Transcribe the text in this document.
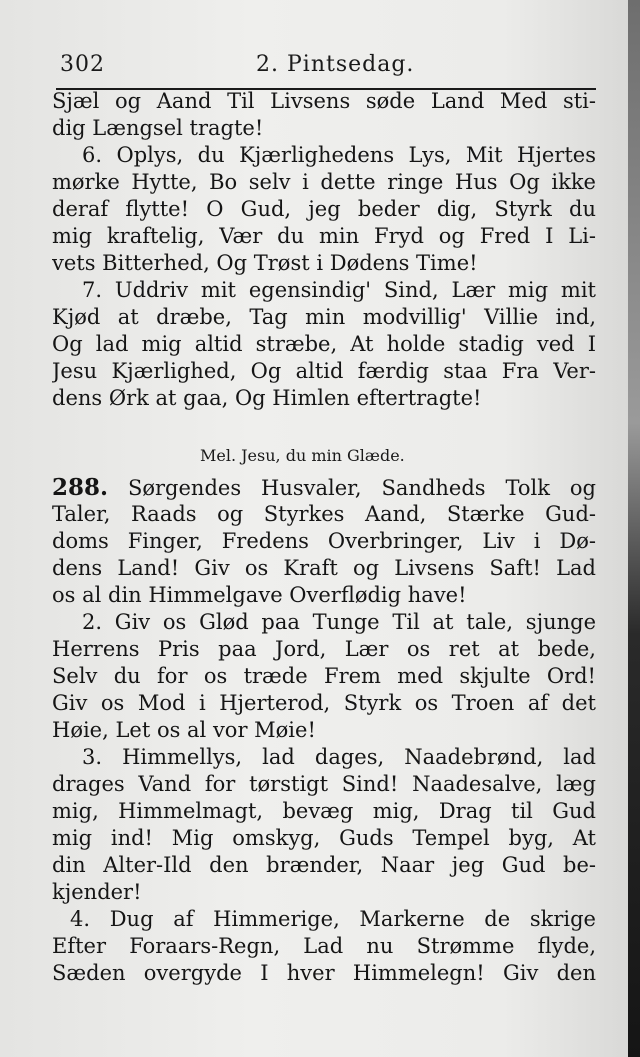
302	2. Pintsedag.
Sjæl og Aand Til Livsens søde Land Med stі-
dig Længsel tragte!
6. Oplys, du Kjærlighedens Lys, Mit Hjertes
mørke Hytte, Bo selv i dette ringe Hus Og ikke
deraf flytte! O Gud, jeg beder dig, Styrk du
mig kraftelig, Vær du min Fryd og Fred I Li-
vets Bitterhed, Og Trøst i Dødens Time!
7. Uddriv mit egensindig' Sind, Lær mig mit
Kjød at dræbe, Tag min modvillig' Villie ind,
Og lad mig altid stræbe, At holde stadig ved I
Jesu Kjærlighed, Og altid færdig staa Fra Ver-
dens Ørk at gaa, Og Himlen eftertragte!
Mel. Jesu, du min Glæde.
288. Sørgendes Husvaler, Sandheds Tolk og
Taler, Raads og Styrkes Aand, Stærke Gud-
doms Finger, Fredens Overbringer, Liv i Dø-
dens Land! Giv os Kraft og Livsens Saft! Lad
os al din Himmelgave Overflødig have!
2. Giv os Glød paa Tunge Til at tale, sjunge
Herrens Pris paa Jord, Lær os ret at bede,
Selv du for os træde Frem med skjulte Ord!
Giv os Mod i Hjerterod, Styrk os Troen af det
Høie, Let os al vor Møie!
3. Himmellys, lad dages, Naadebrønd, lad
drages Vand for tørstigt Sind! Naadesalve, læg
mig, Himmelmagt, bevæg mig, Drag til Gud
mig ind! Mig omskyg, Guds Tempel byg, At
din Alter-Ild den brænder, Naar jeg Gud be-
kjender!
4. Dug af Himmerige, Markerne de skrige
Efter Foraars-Regn, Lad nu Strømme flyde,
Sæden overgyde I hver Himmelegn! Giv den
